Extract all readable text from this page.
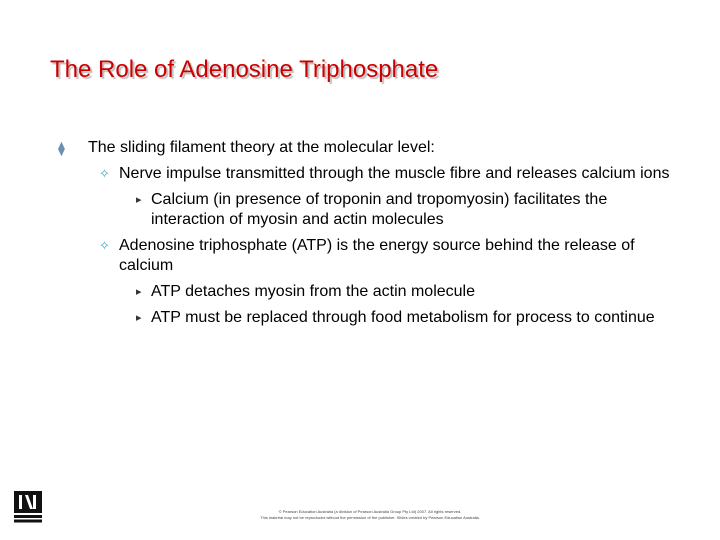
The Role of Adenosine Triphosphate
⧫ The sliding filament theory at the molecular level:
✧ Nerve impulse transmitted through the muscle fibre and releases calcium ions
▸ Calcium (in presence of troponin and tropomyosin) facilitates the interaction of myosin and actin molecules
✧ Adenosine triphosphate (ATP) is the energy source behind the release of calcium
▸ ATP detaches myosin from the actin molecule
▸ ATP must be replaced through food metabolism for process to continue
© Pearson Education Australia (a division of Pearson Australia Group Pty Ltd) 2007. All rights reserved.
This material may not be reproduced without the permission of the publisher. Slides created by Pearson Education Australia.
